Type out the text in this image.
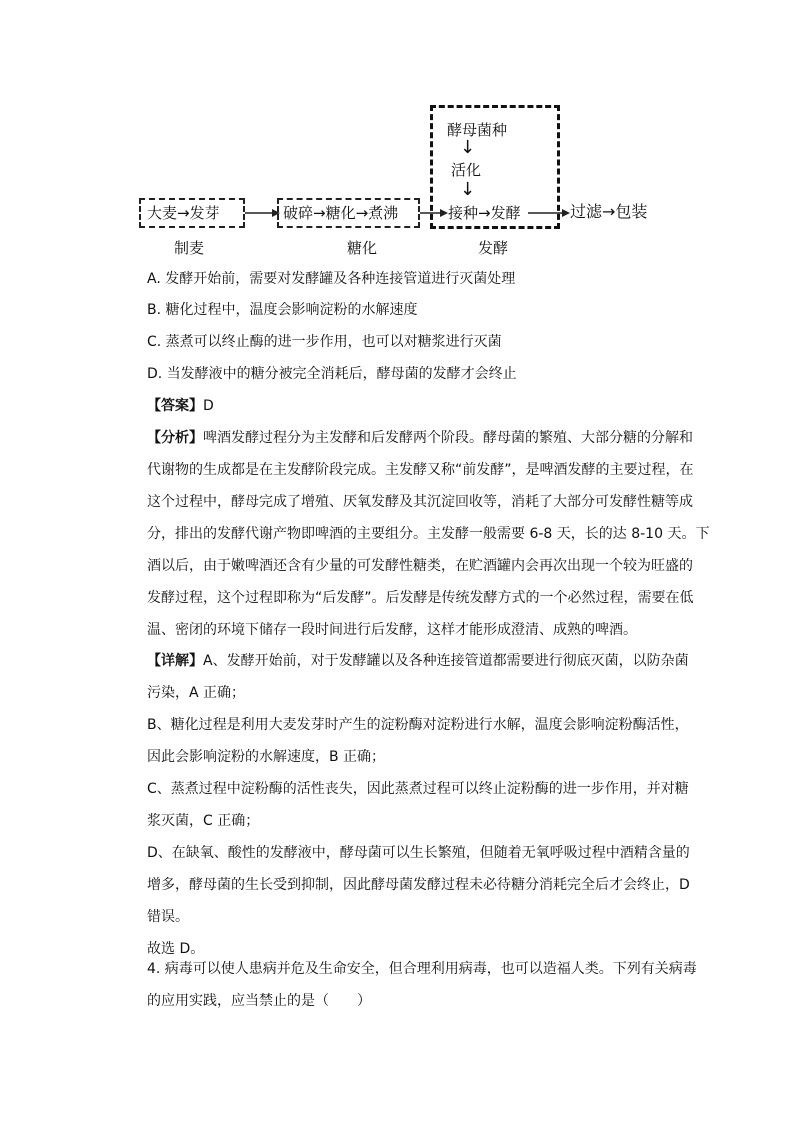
大麦→发芽	破碎→糖化→煮沸
酵母菌种
↓
活化
↓
接种→发酵	过滤→包装
制麦	糖化	发酵
A. 发酵开始前，需要对发酵罐及各种连接管道进行灭菌处理
B. 糖化过程中，温度会影响淀粉的水解速度
C. 蒸煮可以终止酶的进一步作用，也可以对糖浆进行灭菌
D. 当发酵液中的糖分被完全消耗后，酵母菌的发酵才会终止
【答案】D
【分析】啤酒发酵过程分为主发酵和后发酵两个阶段。酵母菌的繁殖、大部分糖的分解和
代谢物的生成都是在主发酵阶段完成。主发酵又称“前发酵”，是啤酒发酵的主要过程，在
这个过程中，酵母完成了增殖、厌氧发酵及其沉淀回收等，消耗了大部分可发酵性糖等成
分，排出的发酵代谢产物即啤酒的主要组分。主发酵一般需要 6-8 天，长的达 8-10 天。下
酒以后，由于嫩啤酒还含有少量的可发酵性糖类，在贮酒罐内会再次出现一个较为旺盛的
发酵过程，这个过程即称为“后发酵”。后发酵是传统发酵方式的一个必然过程，需要在低
温、密闭的环境下储存一段时间进行后发酵，这样才能形成澄清、成熟的啤酒。
【详解】A、发酵开始前，对于发酵罐以及各种连接管道都需要进行彻底灭菌，以防杂菌
污染，A 正确；
B、糖化过程是利用大麦发芽时产生的淀粉酶对淀粉进行水解，温度会影响淀粉酶活性，
因此会影响淀粉的水解速度，B 正确；
C、蒸煮过程中淀粉酶的活性丧失，因此蒸煮过程可以终止淀粉酶的进一步作用，并对糖
浆灭菌，C 正确；
D、在缺氧、酸性的发酵液中，酵母菌可以生长繁殖，但随着无氧呼吸过程中酒精含量的
增多，酵母菌的生长受到抑制，因此酵母菌发酵过程未必待糖分消耗完全后才会终止，D
错误。
故选 D。
4. 病毒可以使人患病并危及生命安全，但合理利用病毒，也可以造福人类。下列有关病毒
的应用实践，应当禁止的是（　　）
